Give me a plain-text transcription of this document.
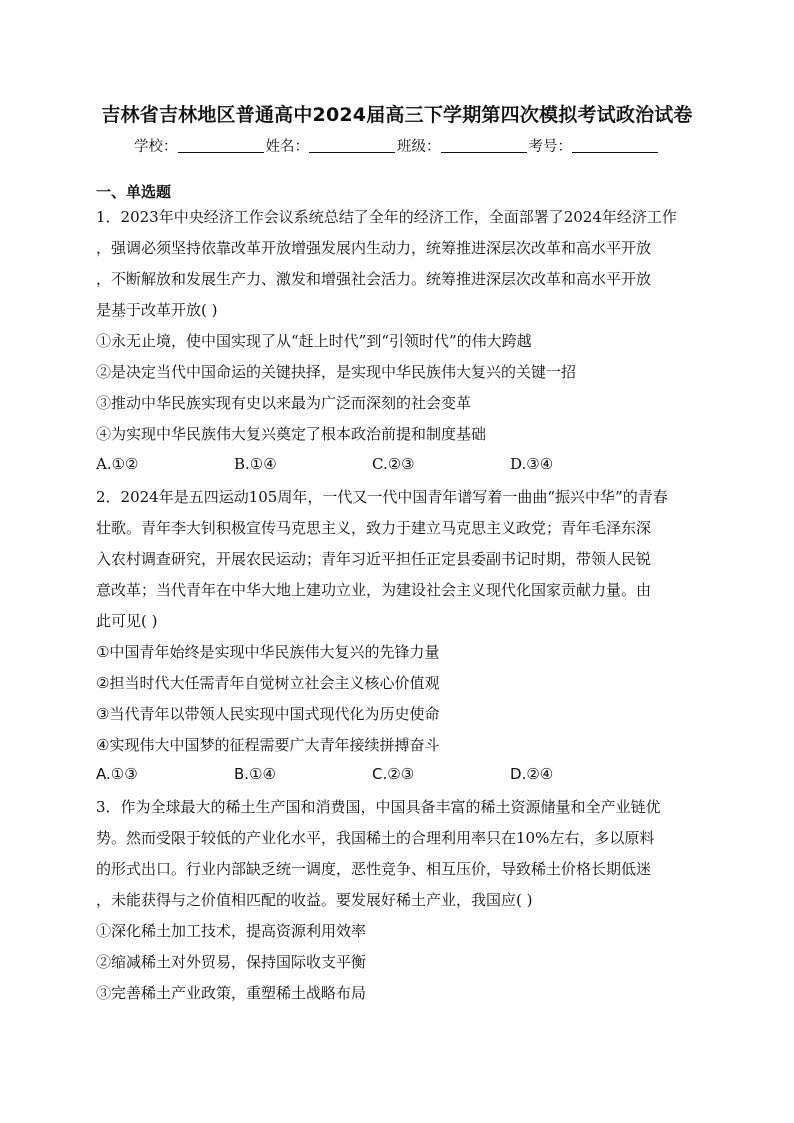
吉林省吉林地区普通高中2024届高三下学期第四次模拟考试政治试卷
学校：	姓名：	班级：	考号：
一、单选题
1．2023年中央经济工作会议系统总结了全年的经济工作，全面部署了2024年经济工作
，强调必须坚持依靠改革开放增强发展内生动力，统筹推进深层次改革和高水平开放
，不断解放和发展生产力、激发和增强社会活力。统筹推进深层次改革和高水平开放
是基于改革开放( )
①永无止境，使中国实现了从“赶上时代”到“引领时代”的伟大跨越
②是决定当代中国命运的关键抉择，是实现中华民族伟大复兴的关键一招
③推动中华民族实现有史以来最为广泛而深刻的社会变革
④为实现中华民族伟大复兴奠定了根本政治前提和制度基础
A.①②	B.①④	C.②③	D.③④
2．2024年是五四运动105周年，一代又一代中国青年谱写着一曲曲“振兴中华”的青春
壮歌。青年李大钊积极宣传马克思主义，致力于建立马克思主义政党；青年毛泽东深
入农村调查研究，开展农民运动；青年习近平担任正定县委副书记时期，带领人民锐
意改革；当代青年在中华大地上建功立业，为建设社会主义现代化国家贡献力量。由
此可见( )
①中国青年始终是实现中华民族伟大复兴的先锋力量
②担当时代大任需青年自觉树立社会主义核心价值观
③当代青年以带领人民实现中国式现代化为历史使命
④实现伟大中国梦的征程需要广大青年接续拼搏奋斗
A.①③	B.①④	C.②③	D.②④
3．作为全球最大的稀土生产国和消费国，中国具备丰富的稀土资源储量和全产业链优
势。然而受限于较低的产业化水平，我国稀土的合理利用率只在10%左右，多以原料
的形式出口。行业内部缺乏统一调度，恶性竞争、相互压价，导致稀土价格长期低迷
，未能获得与之价值相匹配的收益。要发展好稀土产业，我国应( )
①深化稀土加工技术，提高资源利用效率
②缩减稀土对外贸易，保持国际收支平衡
③完善稀土产业政策，重塑稀土战略布局
